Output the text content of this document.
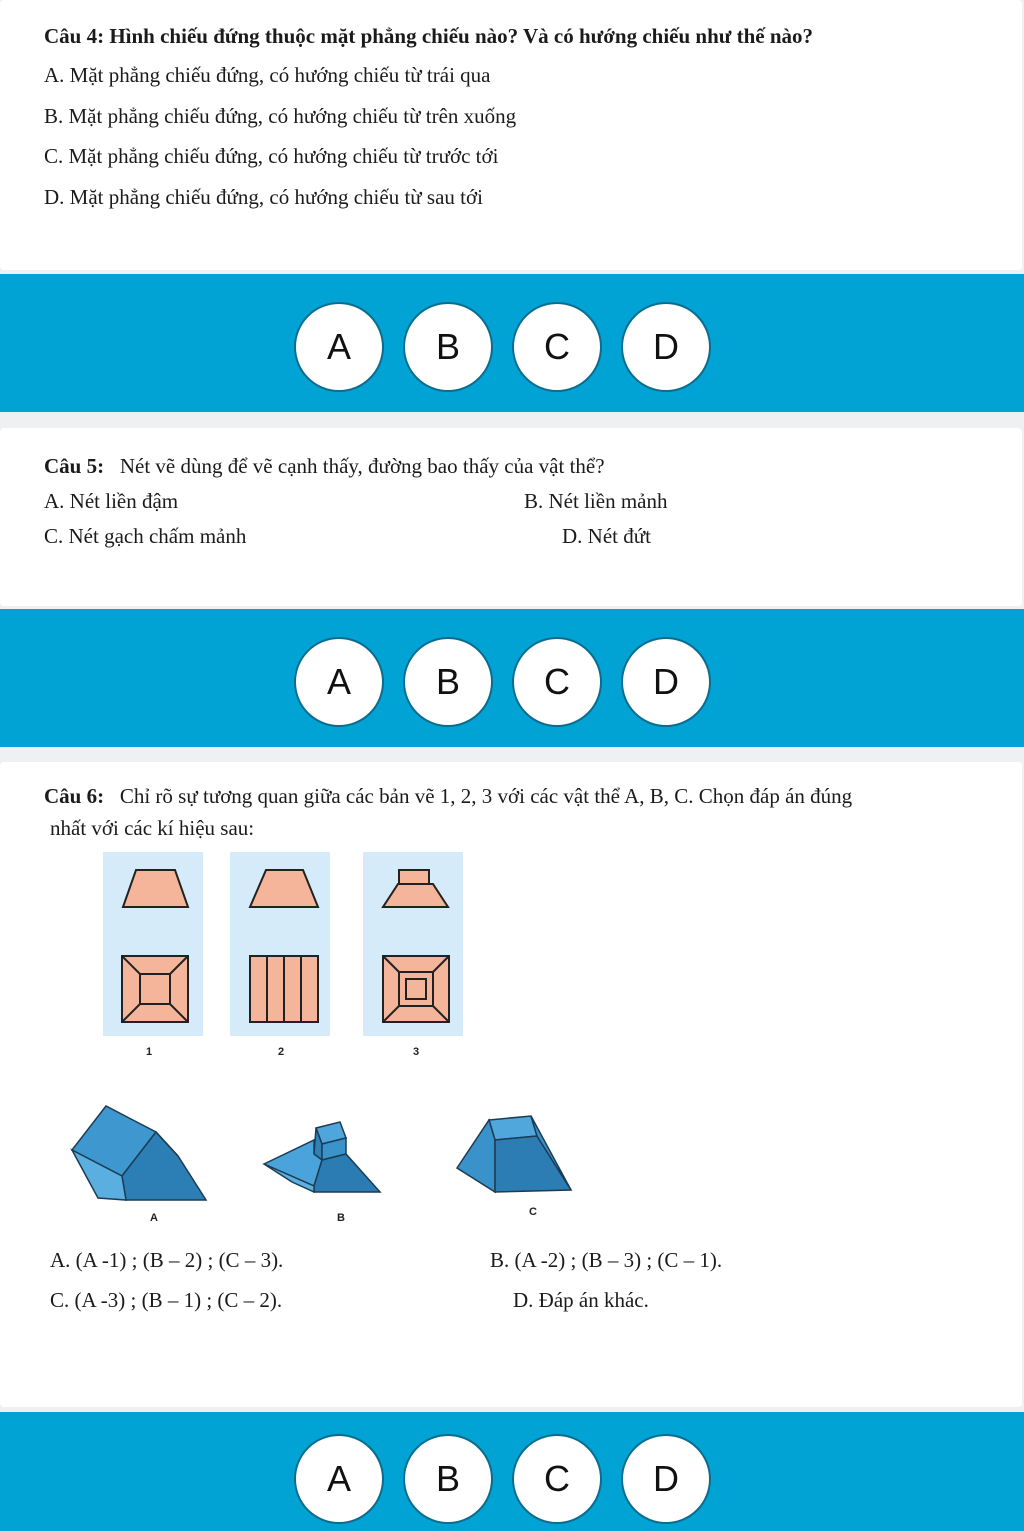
Câu 4: Hình chiếu đứng thuộc mặt phẳng chiếu nào? Và có hướng chiếu như thế nào?
A. Mặt phẳng chiếu đứng, có hướng chiếu từ trái qua
B. Mặt phẳng chiếu đứng, có hướng chiếu từ trên xuống
C. Mặt phẳng chiếu đứng, có hướng chiếu từ trước tới
D. Mặt phẳng chiếu đứng, có hướng chiếu từ sau tới
A	B	C	D
Câu 5: Nét vẽ dùng để vẽ cạnh thấy, đường bao thấy của vật thể?
A. Nét liền đậm	B. Nét liền mảnh
C. Nét gạch chấm mảnh	D. Nét đứt
A	B	C	D
Câu 6: Chỉ rõ sự tương quan giữa các bản vẽ 1, 2, 3 với các vật thể A, B, C. Chọn đáp án đúng
nhất với các kí hiệu sau:
1	2	3
A	B	C
A. (A -1) ; (B – 2) ; (C – 3).	B. (A -2) ; (B – 3) ; (C – 1).
C. (A -3) ; (B – 1) ; (C – 2).	D. Đáp án khác.
A	B	C	D
